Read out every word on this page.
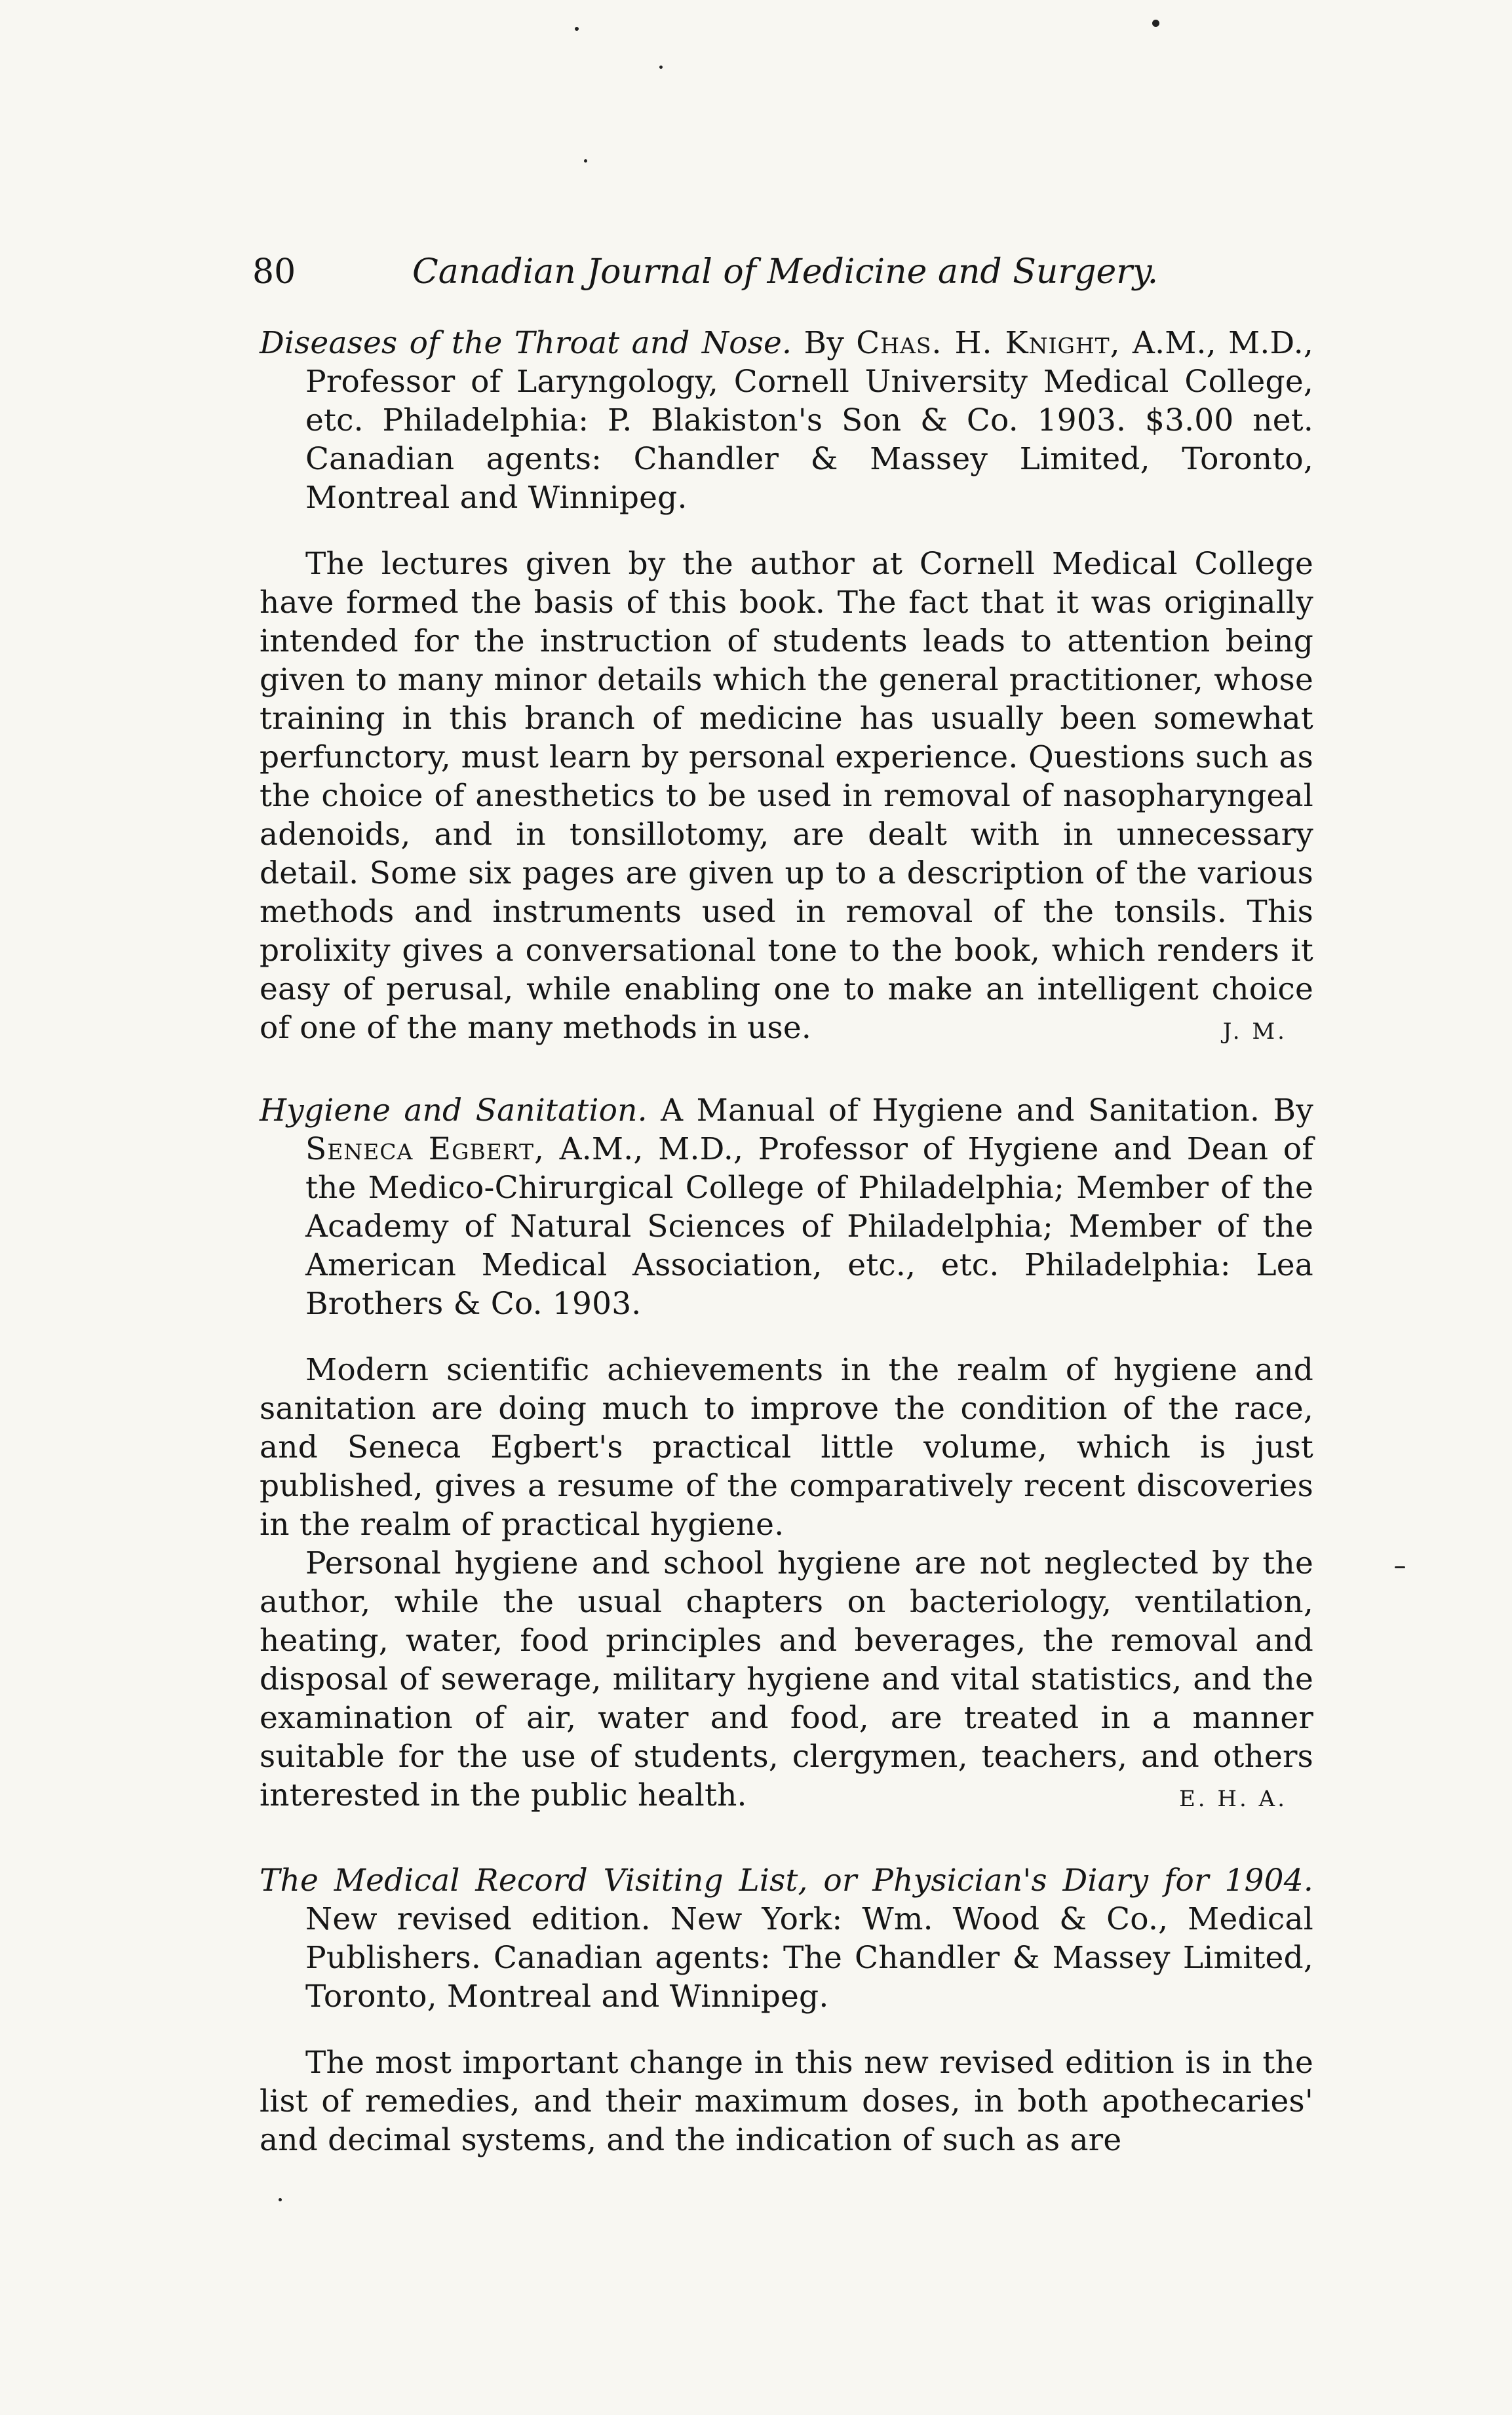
80	Canadian Journal of Medicine and Surgery.

Diseases of the Throat and Nose. By Chas. H. Knight, A.M., M.D., Professor of Laryngology, Cornell University Medical College, etc. Philadelphia: P. Blakiston's Son & Co. 1903. $3.00 net. Canadian agents: Chandler & Massey Limited, Toronto, Montreal and Winnipeg.

The lectures given by the author at Cornell Medical College have formed the basis of this book. The fact that it was originally intended for the instruction of students leads to attention being given to many minor details which the general practitioner, whose training in this branch of medicine has usually been somewhat perfunctory, must learn by personal experience. Questions such as the choice of anesthetics to be used in removal of nasopharyngeal adenoids, and in tonsillotomy, are dealt with in unnecessary detail. Some six pages are given up to a description of the various methods and instruments used in removal of the tonsils. This prolixity gives a conversational tone to the book, which renders it easy of perusal, while enabling one to make an intelligent choice of one of the many methods in use.	J. M.

Hygiene and Sanitation. A Manual of Hygiene and Sanitation. By Seneca Egbert, A.M., M.D., Professor of Hygiene and Dean of the Medico-Chirurgical College of Philadelphia; Member of the Academy of Natural Sciences of Philadelphia; Member of the American Medical Association, etc., etc. Philadelphia: Lea Brothers & Co. 1903.

Modern scientific achievements in the realm of hygiene and sanitation are doing much to improve the condition of the race, and Seneca Egbert's practical little volume, which is just published, gives a resume of the comparatively recent discoveries in the realm of practical hygiene.

Personal hygiene and school hygiene are not neglected by the author, while the usual chapters on bacteriology, ventilation, heating, water, food principles and beverages, the removal and disposal of sewerage, military hygiene and vital statistics, and the examination of air, water and food, are treated in a manner suitable for the use of students, clergymen, teachers, and others interested in the public health.	E. H. A.

The Medical Record Visiting List, or Physician's Diary for 1904. New revised edition. New York: Wm. Wood & Co., Medical Publishers. Canadian agents: The Chandler & Massey Limited, Toronto, Montreal and Winnipeg.

The most important change in this new revised edition is in the list of remedies, and their maximum doses, in both apothecaries' and decimal systems, and the indication of such as are
